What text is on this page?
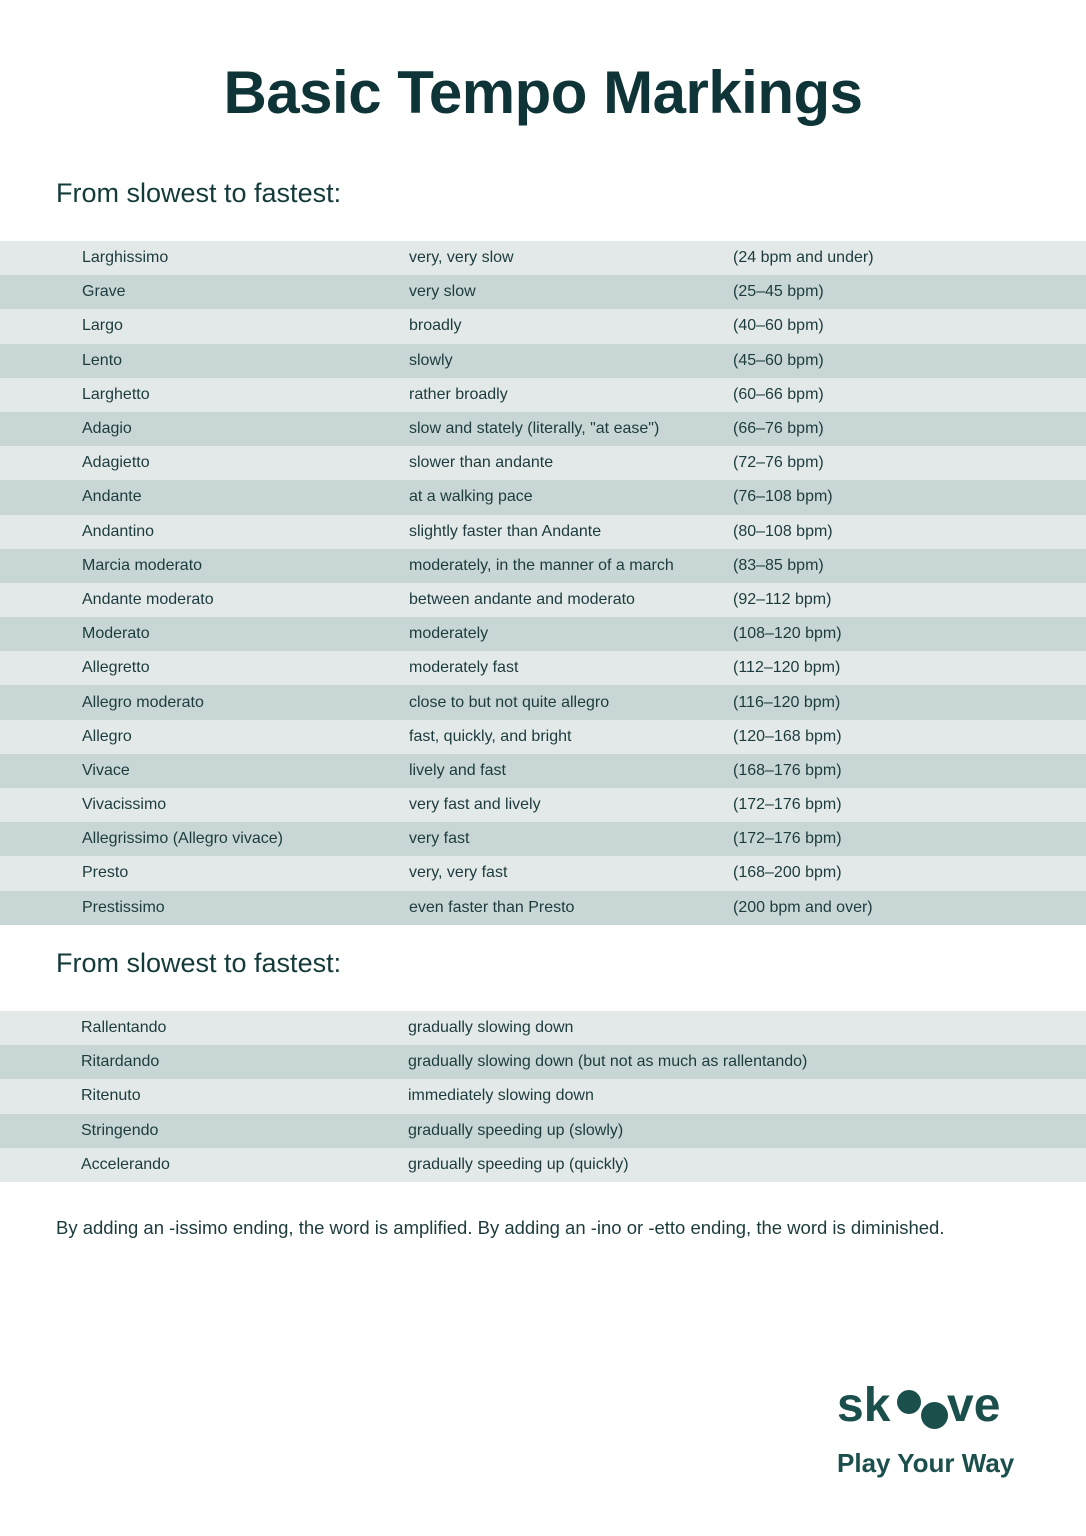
Basic Tempo Markings
From slowest to fastest:
Larghissimo	very, very slow	(24 bpm and under)
Grave	very slow	(25–45 bpm)
Largo	broadly	(40–60 bpm)
Lento	slowly	(45–60 bpm)
Larghetto	rather broadly	(60–66 bpm)
Adagio	slow and stately (literally, "at ease")	(66–76 bpm)
Adagietto	slower than andante	(72–76 bpm)
Andante	at a walking pace	(76–108 bpm)
Andantino	slightly faster than Andante	(80–108 bpm)
Marcia moderato	moderately, in the manner of a march	(83–85 bpm)
Andante moderato	between andante and moderato	(92–112 bpm)
Moderato	moderately	(108–120 bpm)
Allegretto	moderately fast	(112–120 bpm)
Allegro moderato	close to but not quite allegro	(116–120 bpm)
Allegro	fast, quickly, and bright	(120–168 bpm)
Vivace	lively and fast	(168–176 bpm)
Vivacissimo	very fast and lively	(172–176 bpm)
Allegrissimo (Allegro vivace)	very fast	(172–176 bpm)
Presto	very, very fast	(168–200 bpm)
Prestissimo	even faster than Presto	(200 bpm and over)
From slowest to fastest:
Rallentando	gradually slowing down
Ritardando	gradually slowing down (but not as much as rallentando)
Ritenuto	immediately slowing down
Stringendo	gradually speeding up (slowly)
Accelerando	gradually speeding up (quickly)

By adding an -issimo ending, the word is amplified. By adding an -ino or -etto ending, the word is diminished.

sk ve
Play Your Way
